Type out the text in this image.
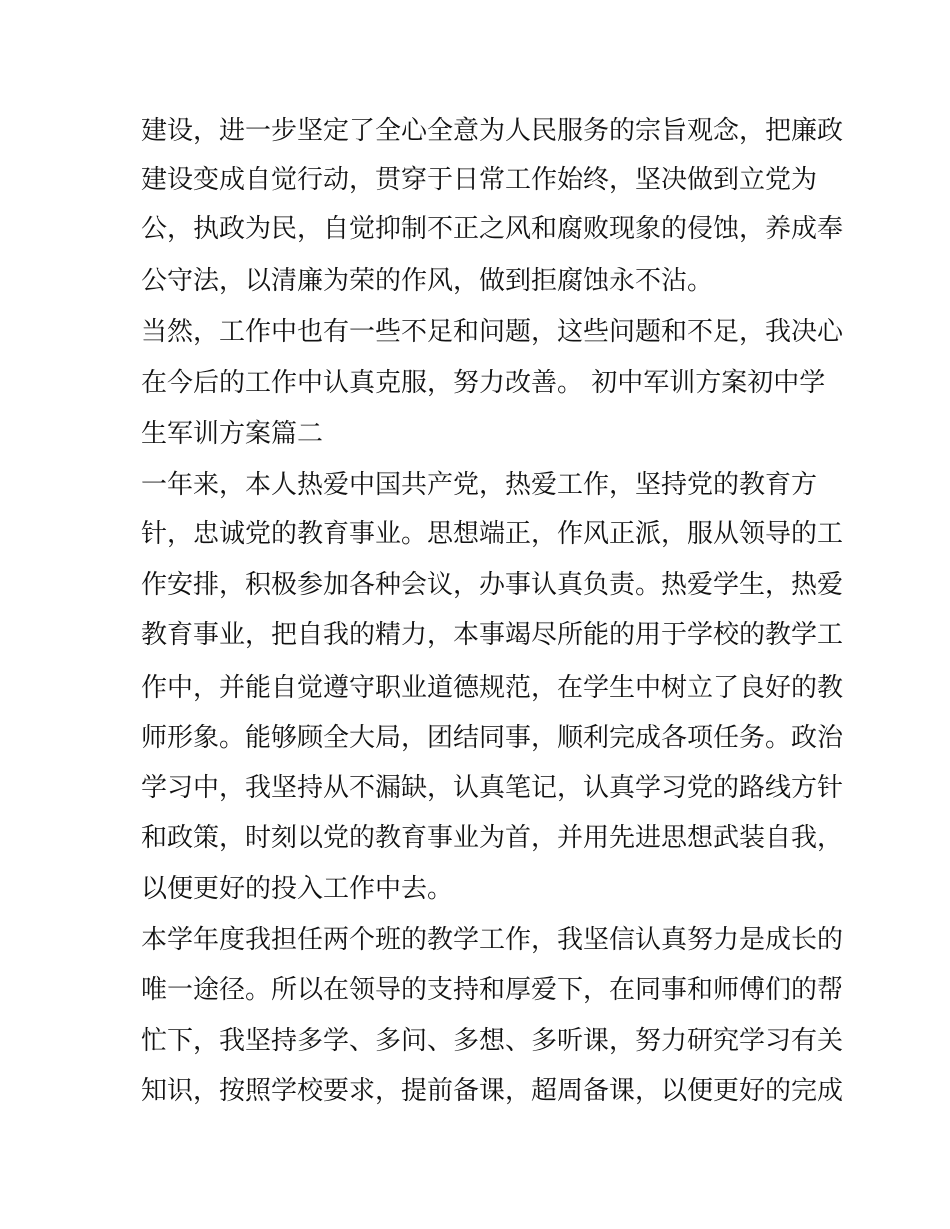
建设，进一步坚定了全心全意为人民服务的宗旨观念，把廉政
建设变成自觉行动，贯穿于日常工作始终，坚决做到立党为
公，执政为民，自觉抑制不正之风和腐败现象的侵蚀，养成奉
公守法，以清廉为荣的作风，做到拒腐蚀永不沾。
当然，工作中也有一些不足和问题，这些问题和不足，我决心
在今后的工作中认真克服，努力改善。 初中军训方案初中学
生军训方案篇二
一年来，本人热爱中国共产党，热爱工作，坚持党的教育方
针，忠诚党的教育事业。思想端正，作风正派，服从领导的工
作安排，积极参加各种会议，办事认真负责。热爱学生，热爱
教育事业，把自我的精力，本事竭尽所能的用于学校的教学工
作中，并能自觉遵守职业道德规范，在学生中树立了良好的教
师形象。能够顾全大局，团结同事，顺利完成各项任务。政治
学习中，我坚持从不漏缺，认真笔记，认真学习党的路线方针
和政策，时刻以党的教育事业为首，并用先进思想武装自我，
以便更好的投入工作中去。
本学年度我担任两个班的教学工作，我坚信认真努力是成长的
唯一途径。所以在领导的支持和厚爱下，在同事和师傅们的帮
忙下，我坚持多学、多问、多想、多听课，努力研究学习有关
知识，按照学校要求，提前备课，超周备课，以便更好的完成
